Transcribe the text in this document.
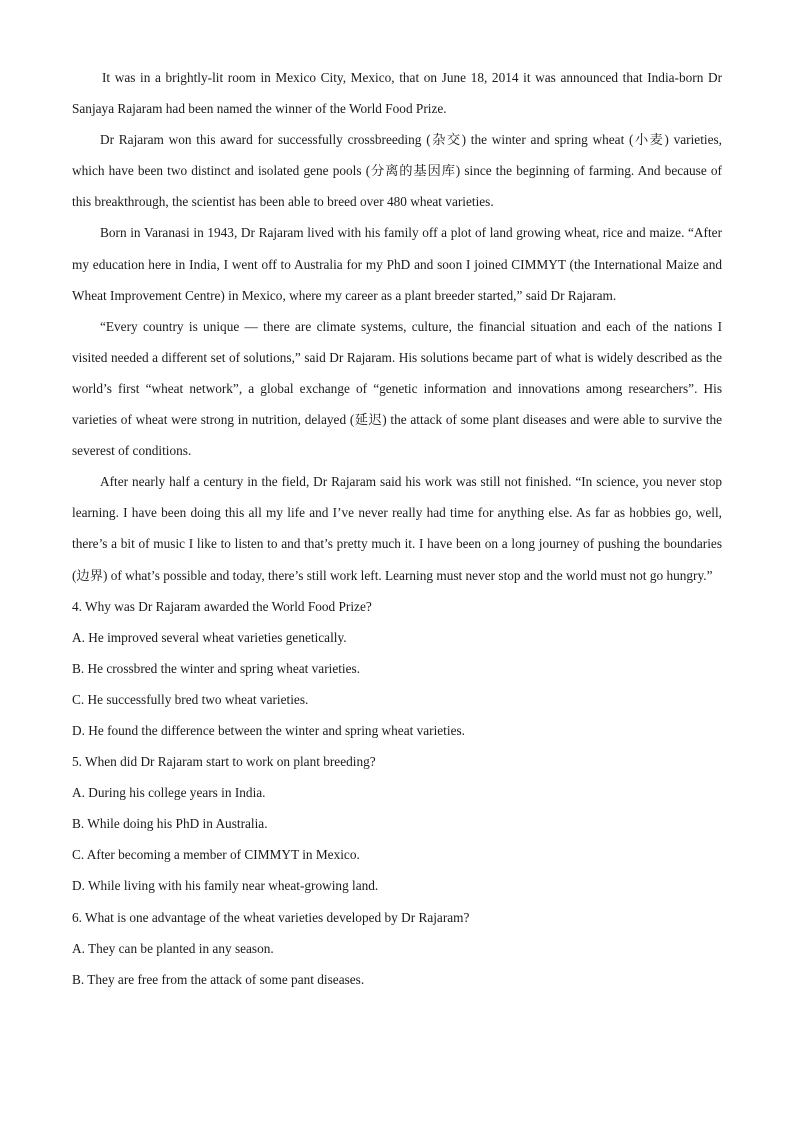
It was in a brightly-lit room in Mexico City, Mexico, that on June 18, 2014 it was announced that India-born Dr Sanjaya Rajaram had been named the winner of the World Food Prize.

Dr Rajaram won this award for successfully crossbreeding (杂交) the winter and spring wheat (小麦) varieties, which have been two distinct and isolated gene pools (分离的基因库) since the beginning of farming. And because of this breakthrough, the scientist has been able to breed over 480 wheat varieties.

Born in Varanasi in 1943, Dr Rajaram lived with his family off a plot of land growing wheat, rice and maize. “After my education here in India, I went off to Australia for my PhD and soon I joined CIMMYT (the International Maize and Wheat Improvement Centre) in Mexico, where my career as a plant breeder started,” said Dr Rajaram.

“Every country is unique — there are climate systems, culture, the financial situation and each of the nations I visited needed a different set of solutions,” said Dr Rajaram. His solutions became part of what is widely described as the world’s first “wheat network”, a global exchange of “genetic information and innovations among researchers”. His varieties of wheat were strong in nutrition, delayed (延迟) the attack of some plant diseases and were able to survive the severest of conditions.

After nearly half a century in the field, Dr Rajaram said his work was still not finished. “In science, you never stop learning. I have been doing this all my life and I’ve never really had time for anything else. As far as hobbies go, well, there’s a bit of music I like to listen to and that’s pretty much it. I have been on a long journey of pushing the boundaries (边界) of what’s possible and today, there’s still work left. Learning must never stop and the world must not go hungry.”

4. Why was Dr Rajaram awarded the World Food Prize?

A. He improved several wheat varieties genetically.

B. He crossbred the winter and spring wheat varieties.

C. He successfully bred two wheat varieties.

D. He found the difference between the winter and spring wheat varieties.

5. When did Dr Rajaram start to work on plant breeding?

A. During his college years in India.

B. While doing his PhD in Australia.

C. After becoming a member of CIMMYT in Mexico.

D. While living with his family near wheat-growing land.

6. What is one advantage of the wheat varieties developed by Dr Rajaram?

A. They can be planted in any season.

B. They are free from the attack of some pant diseases.
